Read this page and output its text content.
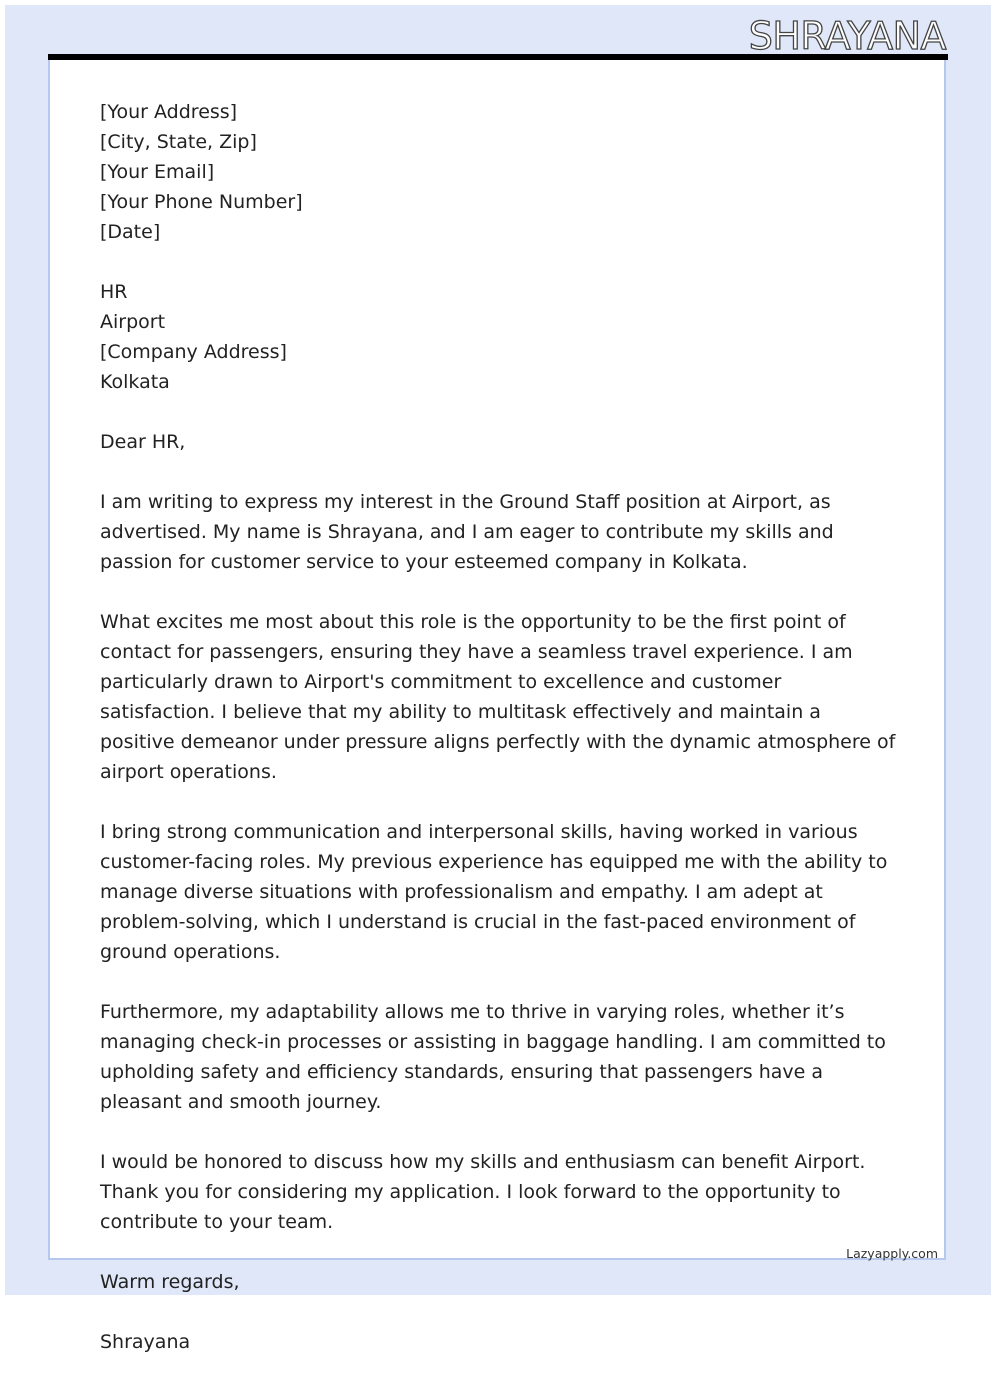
SHRAYANA
[Your Address]
[City, State, Zip]
[Your Email]
[Your Phone Number]
[Date]
HR
Airport
[Company Address]
Kolkata

Dear HR,

I am writing to express my interest in the Ground Staff position at Airport, as advertised. My name is Shrayana, and I am eager to contribute my skills and passion for customer service to your esteemed company in Kolkata.

What excites me most about this role is the opportunity to be the first point of contact for passengers, ensuring they have a seamless travel experience. I am particularly drawn to Airport's commitment to excellence and customer satisfaction. I believe that my ability to multitask effectively and maintain a positive demeanor under pressure aligns perfectly with the dynamic atmosphere of airport operations.

I bring strong communication and interpersonal skills, having worked in various customer-facing roles. My previous experience has equipped me with the ability to manage diverse situations with professionalism and empathy. I am adept at problem-solving, which I understand is crucial in the fast-paced environment of ground operations.

Furthermore, my adaptability allows me to thrive in varying roles, whether it’s managing check-in processes or assisting in baggage handling. I am committed to upholding safety and efficiency standards, ensuring that passengers have a pleasant and smooth journey.

I would be honored to discuss how my skills and enthusiasm can benefit Airport. Thank you for considering my application. I look forward to the opportunity to contribute to your team.

Warm regards,

Shrayana

Lazyapply.com
